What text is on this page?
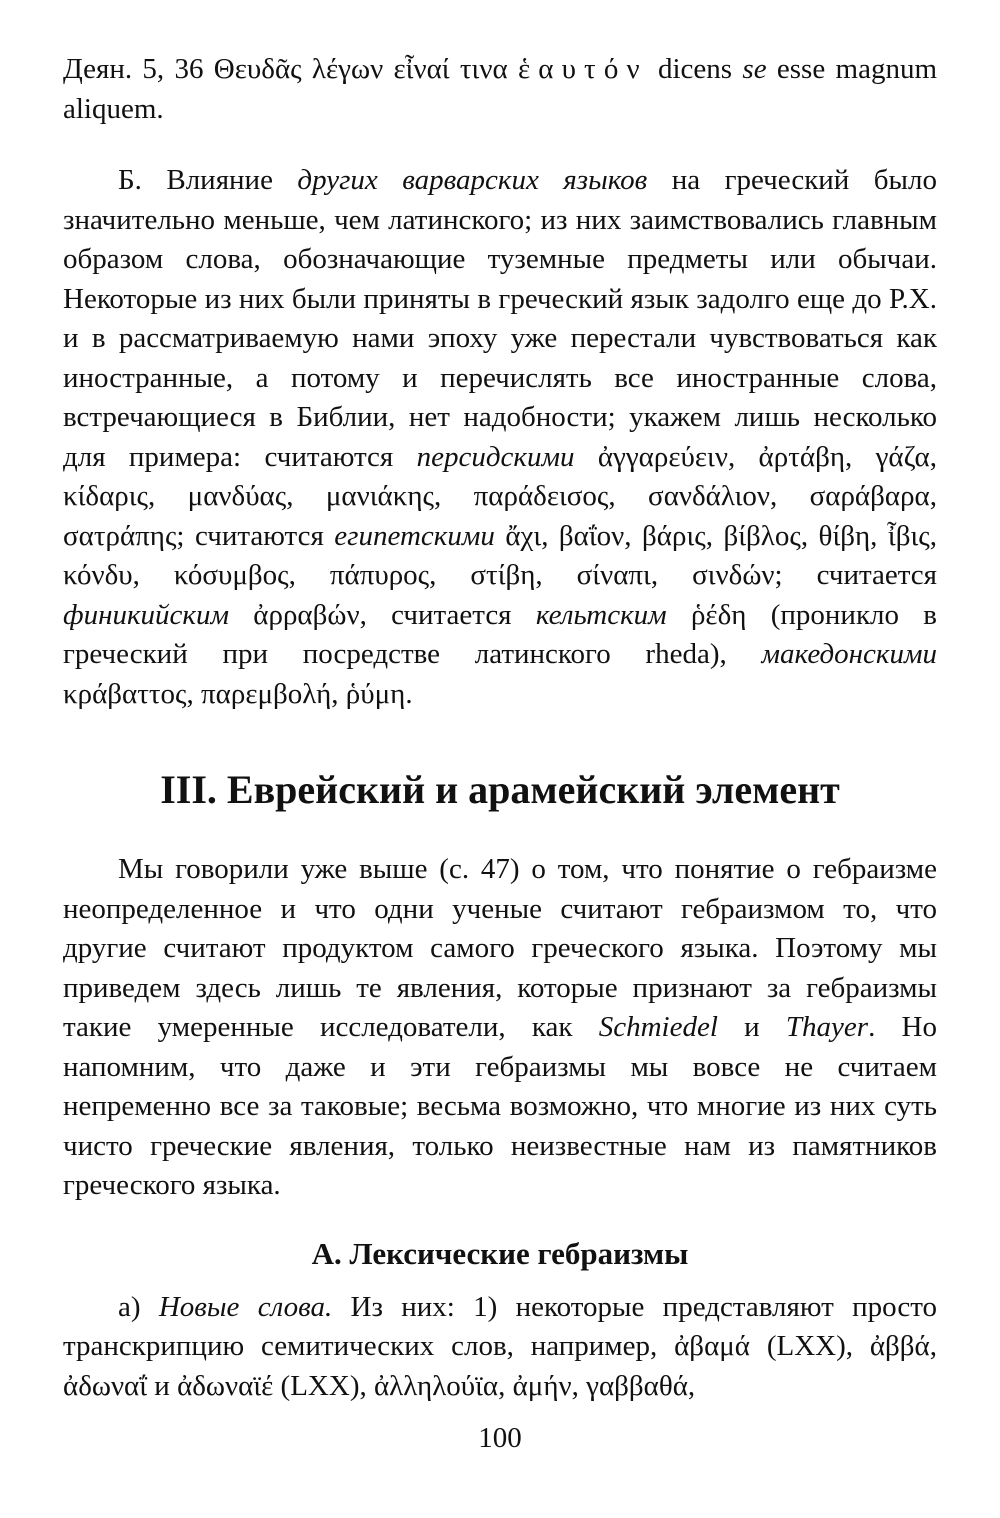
Деян. 5, 36 Θευδᾶς λέγων εἶναί τινα ἑαυτόν dicens se esse magnum aliquem.

Б. Влияние других варварских языков на греческий было значительно меньше, чем латинского; из них заимствовались главным образом слова, обозначающие туземные предметы или обычаи. Некоторые из них были приняты в греческий язык задолго еще до Р.Х. и в рассматриваемую нами эпоху уже перестали чувствоваться как иностранные, а потому и перечислять все иностранные слова, встречающиеся в Библии, нет надобности; укажем лишь несколько для примера: считаются персидскими ἀγγαρεύειν, ἀρτάβη, γάζα, κίδαρις, μανδύας, μανιάκης, παράδεισος, σανδάλιον, σαράβαρα, σατράπης; считаются египетскими ἄχι, βαΐον, βάρις, βίβλος, θίβη, ἶβις, κόνδυ, κόσυμβος, πάπυρος, στίβη, σίναπι, σινδών; считается финикийским ἀρραβών, считается кельтским ῥέδη (проникло в греческий при посредстве латинского rheda), македонскими κράβαττος, παρεμβολή, ῥύμη.

III. Еврейский и арамейский элемент

Мы говорили уже выше (с. 47) о том, что понятие о гебраизме неопределенное и что одни ученые считают гебраизмом то, что другие считают продуктом самого греческого языка. Поэтому мы приведем здесь лишь те явления, которые признают за гебраизмы такие умеренные исследователи, как Schmiedel и Thayer. Но напомним, что даже и эти гебраизмы мы вовсе не считаем непременно все за таковые; весьма возможно, что многие из них суть чисто греческие явления, только неизвестные нам из памятников греческого языка.

А. Лексические гебраизмы

а) Новые слова. Из них: 1) некоторые представляют просто транскрипцию семитических слов, например, ἀβαμά (LXX), ἀββά, ἀδωναΐ и ἀδωναϊέ (LXX), ἀλληλούϊα, ἀμήν, γαββαθά,

100
